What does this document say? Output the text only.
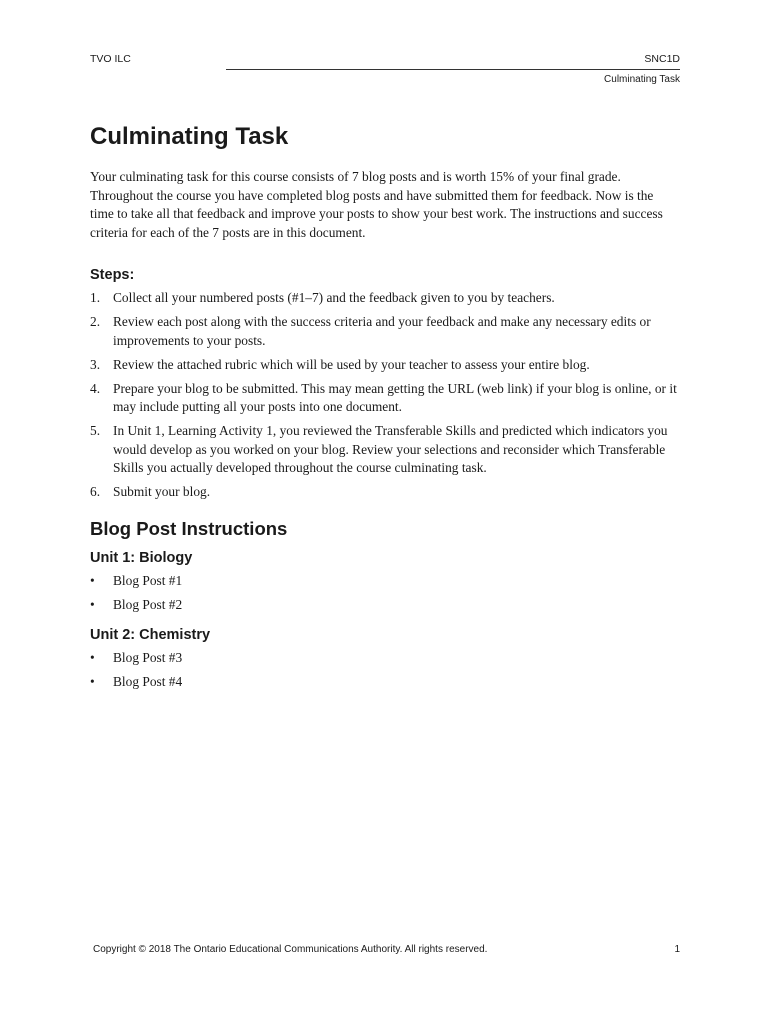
TVO ILC	SNC1D
Culminating Task
Culminating Task

Your culminating task for this course consists of 7 blog posts and is worth 15% of your final grade. Throughout the course you have completed blog posts and have submitted them for feedback. Now is the time to take all that feedback and improve your posts to show your best work. The instructions and success criteria for each of the 7 posts are in this document.

Steps:
1. Collect all your numbered posts (#1–7) and the feedback given to you by teachers.
2. Review each post along with the success criteria and your feedback and make any necessary edits or improvements to your posts.
3. Review the attached rubric which will be used by your teacher to assess your entire blog.
4. Prepare your blog to be submitted. This may mean getting the URL (web link) if your blog is online, or it may include putting all your posts into one document.
5. In Unit 1, Learning Activity 1, you reviewed the Transferable Skills and predicted which indicators you would develop as you worked on your blog. Review your selections and reconsider which Transferable Skills you actually developed throughout the course culminating task.
6. Submit your blog.
Blog Post Instructions
Unit 1: Biology
•	Blog Post #1
•	Blog Post #2
Unit 2: Chemistry
•	Blog Post #3
•	Blog Post #4
Copyright © 2018 The Ontario Educational Communications Authority. All rights reserved.	1
